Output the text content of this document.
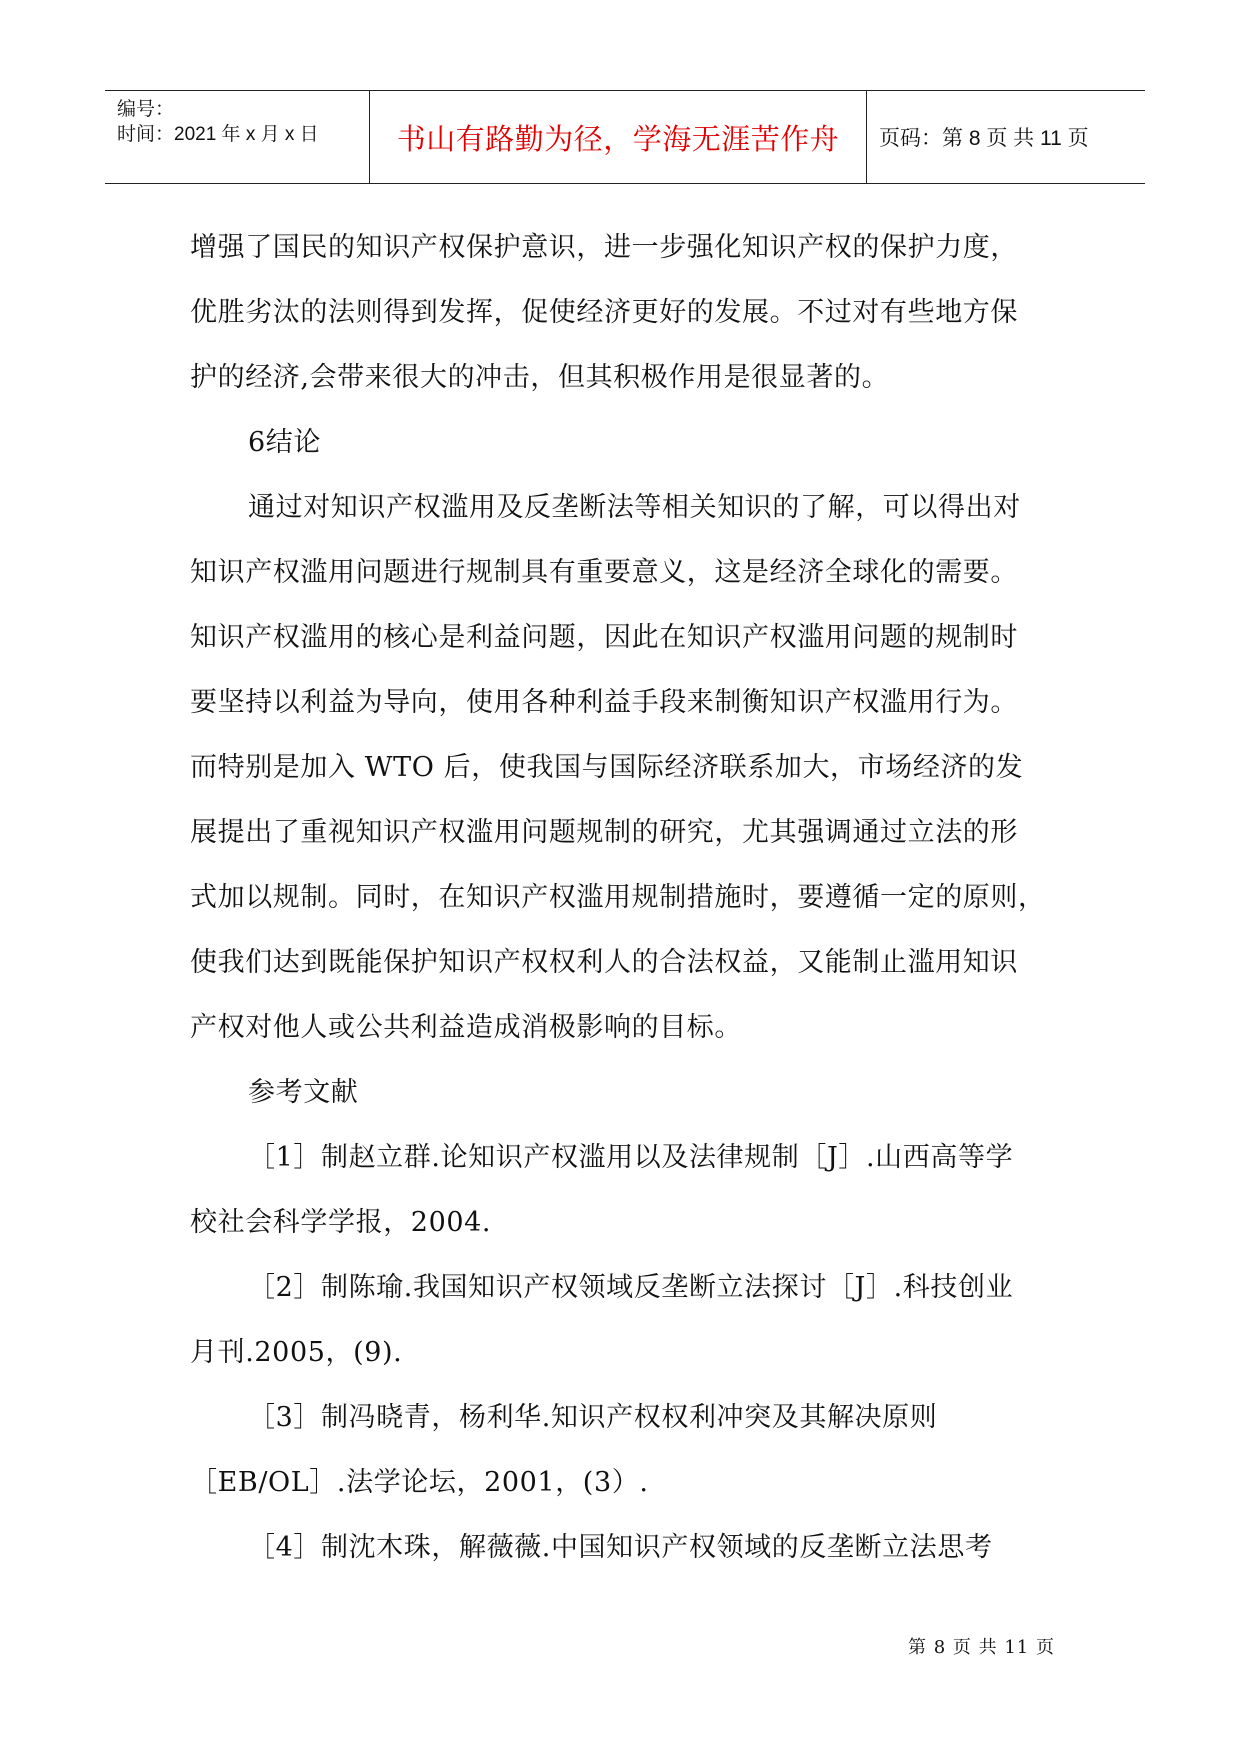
编号：
时间：2021 年 x 月 x 日	书山有路勤为径，学海无涯苦作舟	页码：第 8 页 共 11 页
增强了国民的知识产权保护意识，进一步强化知识产权的保护力度，
优胜劣汰的法则得到发挥，促使经济更好的发展。不过对有些地方保
护的经济,会带来很大的冲击，但其积极作用是很显著的。
6结论
通过对知识产权滥用及反垄断法等相关知识的了解，可以得出对
知识产权滥用问题进行规制具有重要意义，这是经济全球化的需要。
知识产权滥用的核心是利益问题，因此在知识产权滥用问题的规制时
要坚持以利益为导向，使用各种利益手段来制衡知识产权滥用行为。
而特别是加入 WTO 后，使我国与国际经济联系加大，市场经济的发
展提出了重视知识产权滥用问题规制的研究，尤其强调通过立法的形
式加以规制。同时，在知识产权滥用规制措施时，要遵循一定的原则，
使我们达到既能保护知识产权权利人的合法权益，又能制止滥用知识
产权对他人或公共利益造成消极影响的目标。
参考文献
［1］制赵立群.论知识产权滥用以及法律规制［J］.山西高等学
校社会科学学报，2004.
［2］制陈瑜.我国知识产权领域反垄断立法探讨［J］.科技创业
月刊.2005，(9).
［3］制冯晓青，杨利华.知识产权权利冲突及其解决原则
［EB/OL］.法学论坛，2001，(3）.
［4］制沈木珠，解薇薇.中国知识产权领域的反垄断立法思考
第 8 页 共 11 页
